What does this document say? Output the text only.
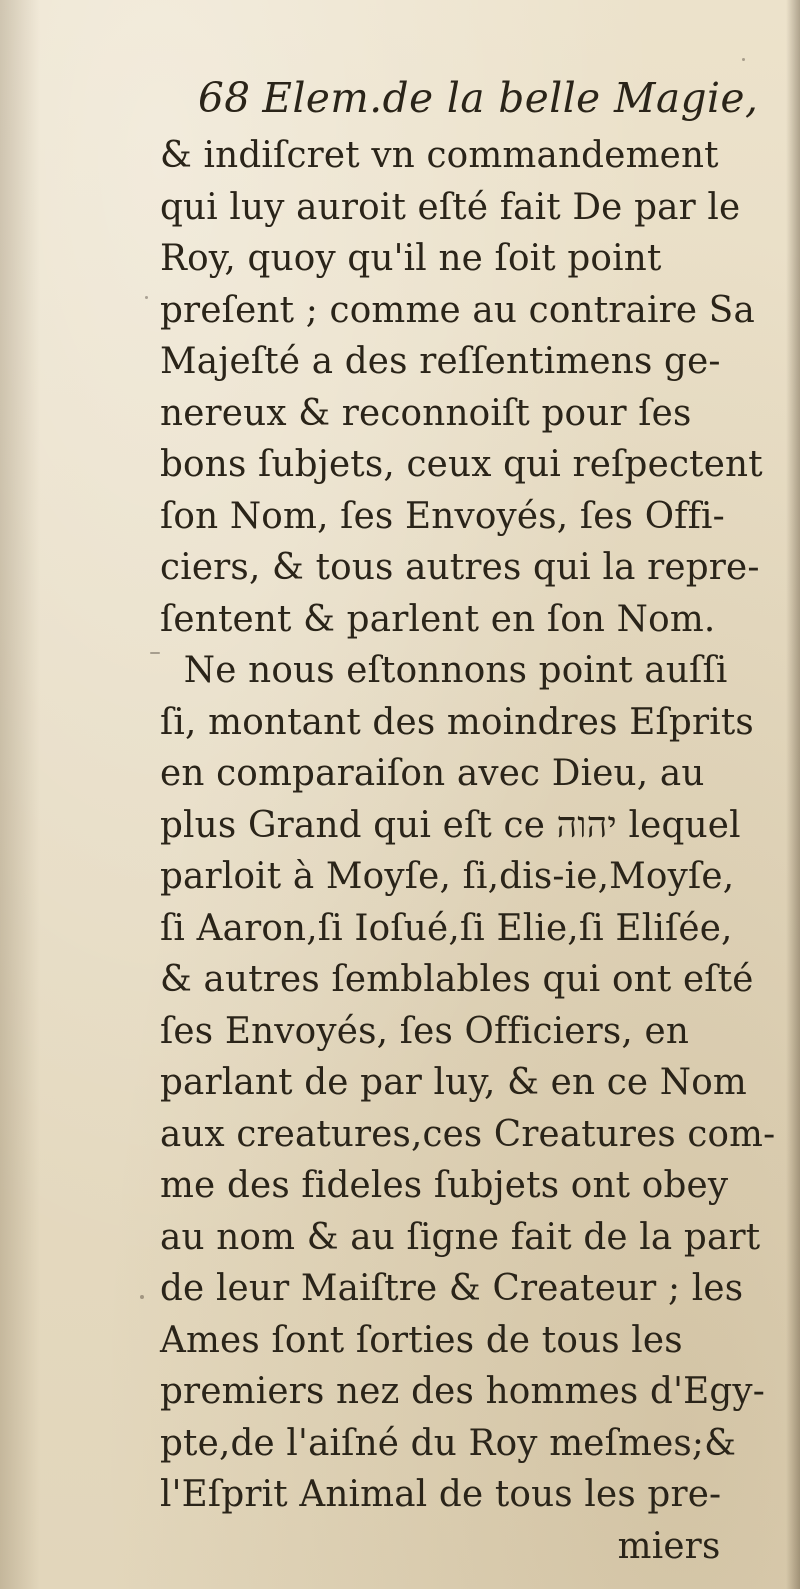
68 Elem.de la belle Magie,
& indiſcret vn commandement
qui luy auroit eſté fait De par le
Roy, quoy qu'il ne ſoit point
preſent ; comme au contraire Sa
Majeſté a des reſſentimens ge-
nereux & reconnoiſt pour ſes
bons ſubjets, ceux qui reſpectent
ſon Nom, ſes Envoyés, ſes Offi-
ciers, & tous autres qui la repre-
ſentent & parlent en ſon Nom.
Ne nous eſtonnons point auſſi
ſi, montant des moindres Eſprits
en comparaiſon avec Dieu, au
plus Grand qui eſt ce יהוה lequel
parloit à Moyſe, ſi,dis-ie,Moyſe,
ſi Aaron,ſi Ioſué,ſi Elie,ſi Eliſée,
& autres ſemblables qui ont eſté
ſes Envoyés, ſes Officiers, en
parlant de par luy, & en ce Nom
aux creatures,ces Creatures com-
me des fideles ſubjets ont obey
au nom & au ſigne fait de la part
de leur Maiſtre & Createur ; les
Ames ſont ſorties de tous les
premiers nez des hommes d'Egy-
pte,de l'aiſné du Roy meſmes;&
l'Eſprit Animal de tous les pre-
miers
